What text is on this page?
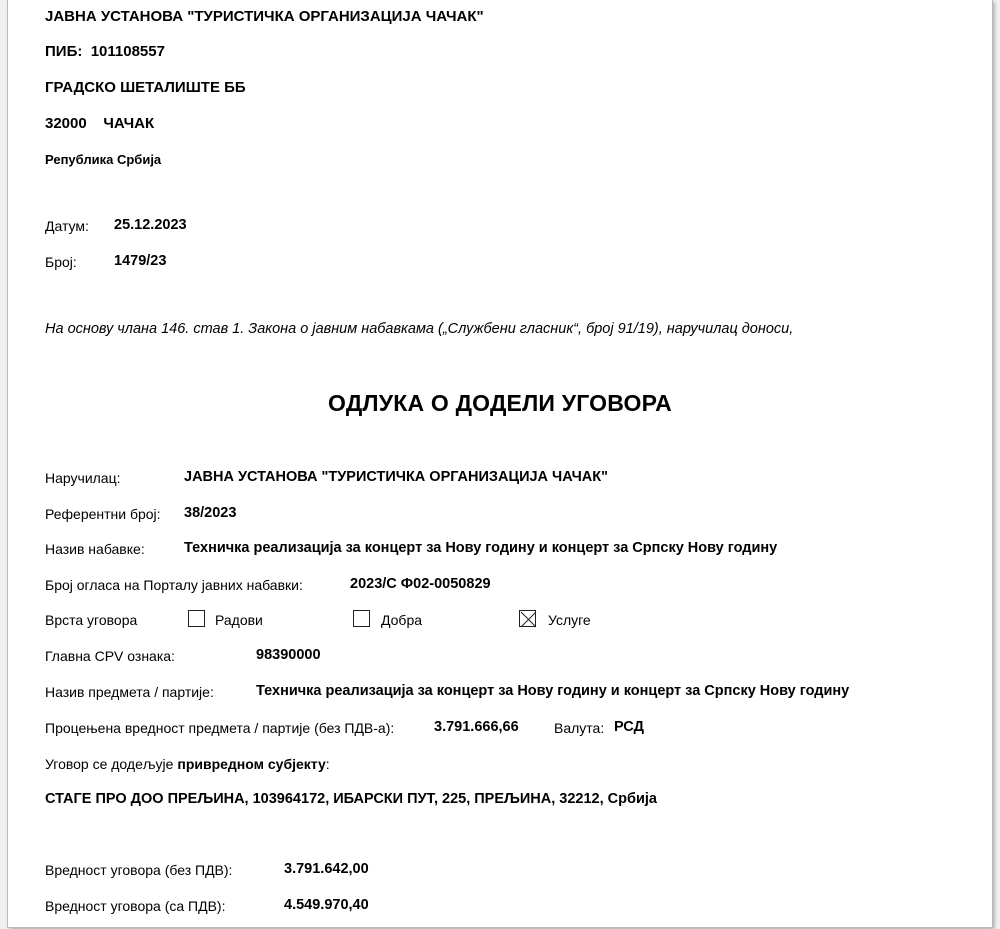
ЈАВНА УСТАНОВА "ТУРИСТИЧКА ОРГАНИЗАЦИЈА ЧАЧАК"
ПИБ: 101108557
ГРАДСКО ШЕТАЛИШТЕ ББ
32000 ЧАЧАК
Република Србија
Датум: 25.12.2023
Број:	1479/23
На основу члана 146. став 1. Закона о јавним набавкама („Службени гласник“, број 91/19), наручилац доноси,
ОДЛУКА О ДОДЕЛИ УГОВОРА
Наручилац:	ЈАВНА УСТАНОВА "ТУРИСТИЧКА ОРГАНИЗАЦИЈА ЧАЧАК"
Референтни број: 38/2023
Назив набавке:	Техничка реализација за концерт за Нову годину и концерт за Српску Нову годину
Број огласа на Порталу јавних набавки:	2023/С Ф02-0050829
Врста уговора	Радови	Добра	Услуге
Главна CPV ознака:	98390000
Назив предмета / партије:	Техничка реализација за концерт за Нову годину и концерт за Српску Нову годину
Процењена вредност предмета / партије (без ПДВ-а):	3.791.666,66	Валута: РСД
Уговор се додељује привредном субјекту:
СТАГЕ ПРО ДОО ПРЕЉИНА, 103964172, ИБАРСКИ ПУТ, 225, ПРЕЉИНА, 32212, Србија
Вредност уговора (без ПДВ):	3.791.642,00
Вредност уговора (са ПДВ):	4.549.970,40
